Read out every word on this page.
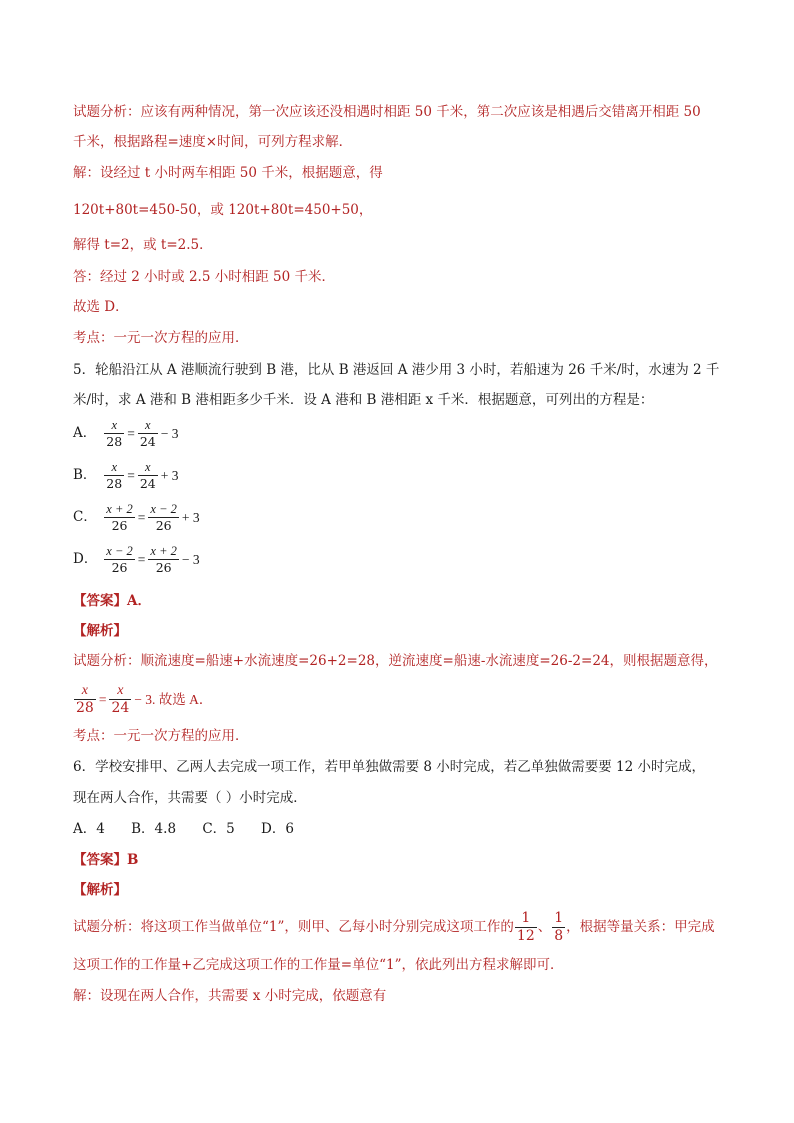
试题分析：应该有两种情况，第一次应该还没相遇时相距 50 千米，第二次应该是相遇后交错离开相距 50
千米，根据路程=速度×时间，可列方程求解．
解：设经过 t 小时两车相距 50 千米，根据题意，得
120t+80t=450-50，或 120t+80t=450+50，
解得 t=2，或 t=2.5．
答：经过 2 小时或 2.5 小时相距 50 千米．
故选 D．
考点：一元一次方程的应用．
5．轮船沿江从 A 港顺流行驶到 B 港，比从 B 港返回 A 港少用 3 小时，若船速为 26 千米/时，水速为 2 千
米/时，求 A 港和 B 港相距多少千米．设 A 港和 B 港相距 x 千米．根据题意，可列出的方程是：
A． $\frac{x}{28} = \frac{x}{24} - 3$
B． $\frac{x}{28} = \frac{x}{24} + 3$
C． $\frac{x + 2}{26} = \frac{x - 2}{26} + 3$
D． $\frac{x - 2}{26} = \frac{x + 2}{26} - 3$
【答案】A．
【解析】
试题分析：顺流速度=船速+水流速度=26+2=28，逆流速度=船速-水流速度=26-2=24，则根据题意得，
$\frac{x}{28} = \frac{x}{24} - 3$. 故选 A．
考点：一元一次方程的应用．
6．学校安排甲、乙两人去完成一项工作，若甲单独做需要 8 小时完成，若乙单独做需要要 12 小时完成，
现在两人合作，共需要（ ）小时完成．
A．4 B．4.8 C．5 D．6
【答案】B
【解析】
试题分析：将这项工作当做单位“1”，则甲、乙每小时分别完成这项工作的 $\frac{1}{12}$ 、 $\frac{1}{8}$ ，根据等量关系：甲完成
这项工作的工作量+乙完成这项工作的工作量=单位“1”，依此列出方程求解即可．
解：设现在两人合作，共需要 x 小时完成，依题意有
